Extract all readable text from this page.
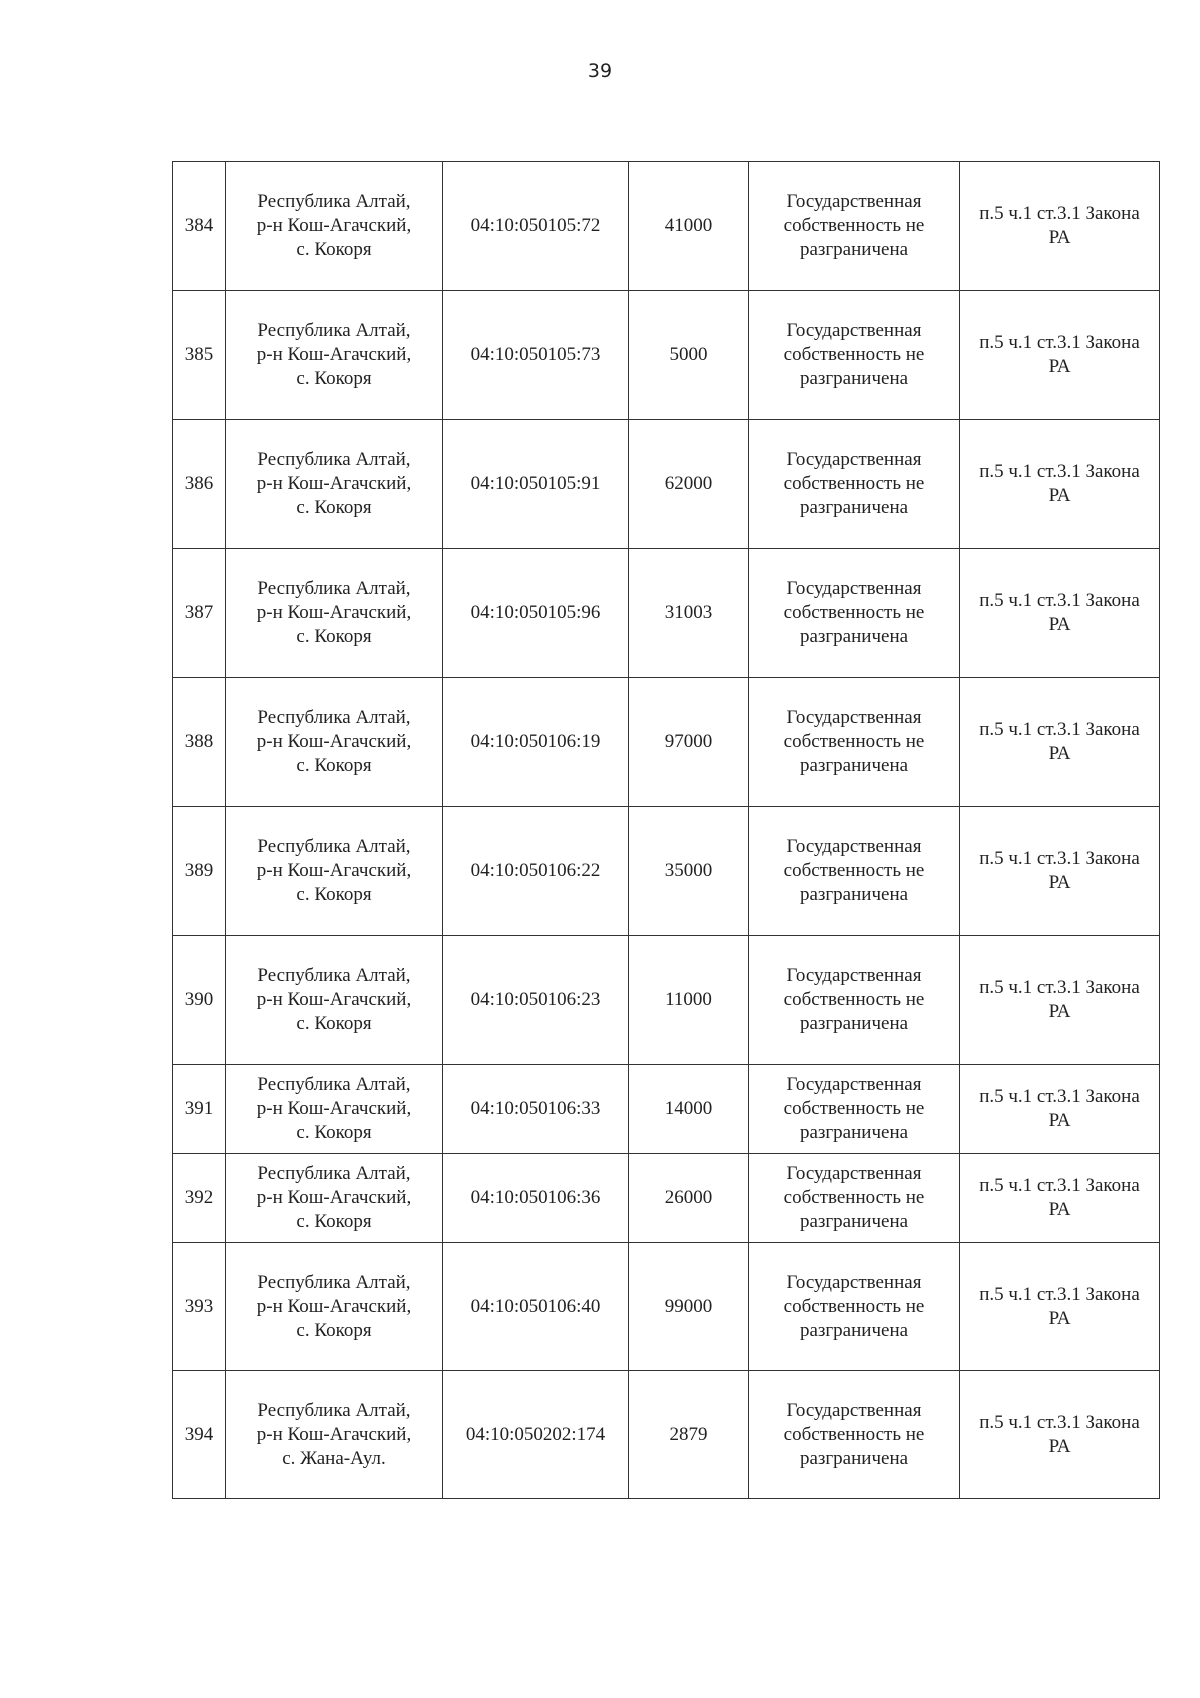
39
384	Республика Алтай,
р-н Кош-Агачский,
с. Кокоря	04:10:050105:72	41000	Государственная
собственность не
разграничена	п.5 ч.1 ст.3.1 Закона
РА

385	Республика Алтай,
р-н Кош-Агачский,
с. Кокоря	04:10:050105:73	5000	Государственная
собственность не
разграничена	п.5 ч.1 ст.3.1 Закона
РА

386	Республика Алтай,
р-н Кош-Агачский,
с. Кокоря	04:10:050105:91	62000	Государственная
собственность не
разграничена	п.5 ч.1 ст.3.1 Закона
РА

387	Республика Алтай,
р-н Кош-Агачский,
с. Кокоря	04:10:050105:96	31003	Государственная
собственность не
разграничена	п.5 ч.1 ст.3.1 Закона
РА

388	Республика Алтай,
р-н Кош-Агачский,
с. Кокоря	04:10:050106:19	97000	Государственная
собственность не
разграничена	п.5 ч.1 ст.3.1 Закона
РА

389	Республика Алтай,
р-н Кош-Агачский,
с. Кокоря	04:10:050106:22	35000	Государственная
собственность не
разграничена	п.5 ч.1 ст.3.1 Закона
РА

390	Республика Алтай,
р-н Кош-Агачский,
с. Кокоря	04:10:050106:23	11000	Государственная
собственность не
разграничена	п.5 ч.1 ст.3.1 Закона
РА

391	Республика Алтай,
р-н Кош-Агачский,
с. Кокоря	04:10:050106:33	14000	Государственная
собственность не
разграничена	п.5 ч.1 ст.3.1 Закона
РА

392	Республика Алтай,
р-н Кош-Агачский,
с. Кокоря	04:10:050106:36	26000	Государственная
собственность не
разграничена	п.5 ч.1 ст.3.1 Закона
РА

393	Республика Алтай,
р-н Кош-Агачский,
с. Кокоря	04:10:050106:40	99000	Государственная
собственность не
разграничена	п.5 ч.1 ст.3.1 Закона
РА

394	Республика Алтай,
р-н Кош-Агачский,
с. Жана-Аул.	04:10:050202:174	2879	Государственная
собственность не
разграничена	п.5 ч.1 ст.3.1 Закона
РА
